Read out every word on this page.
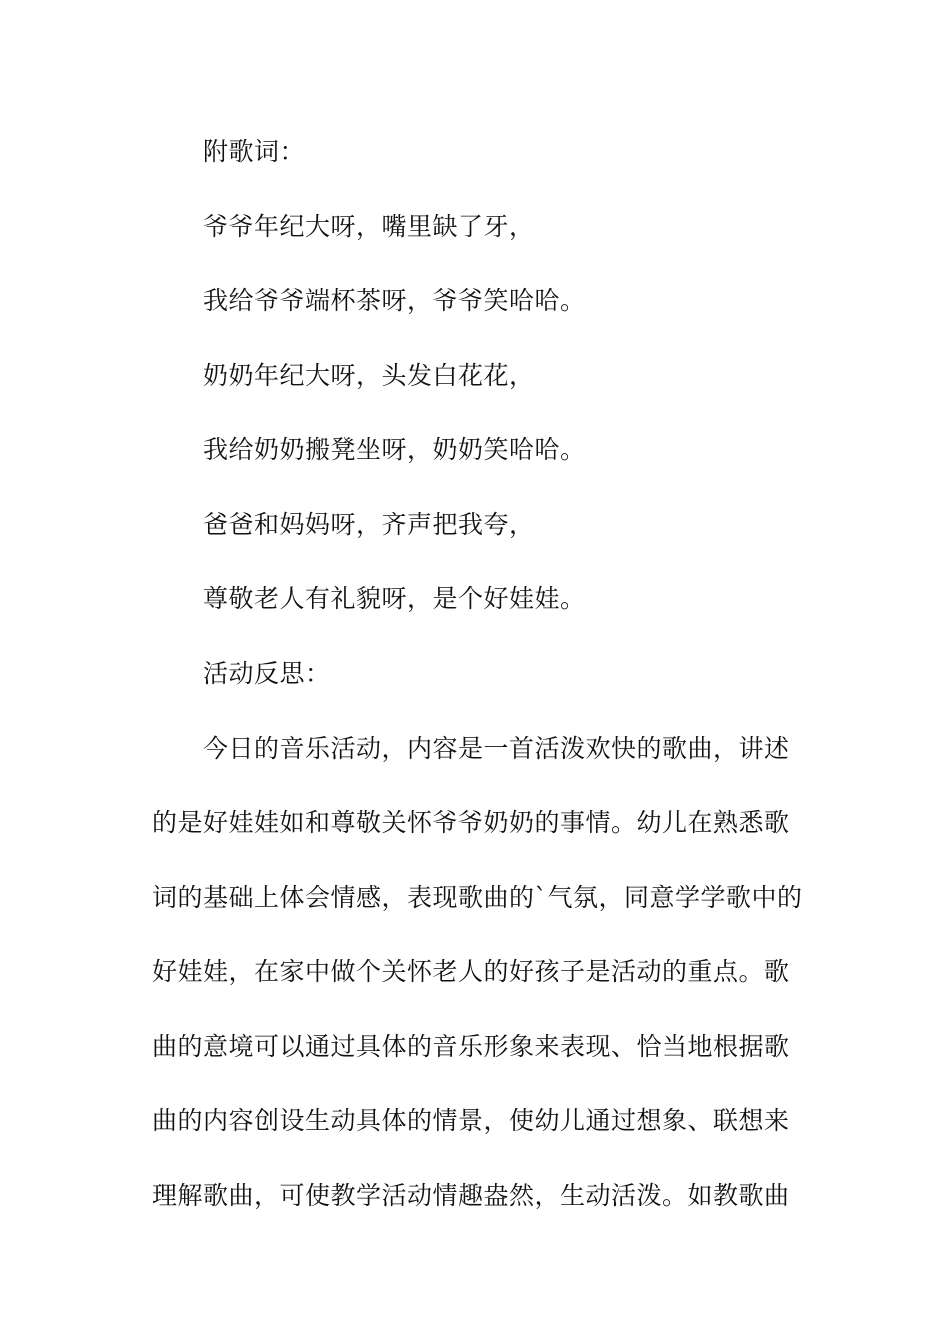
附歌词：
爷爷年纪大呀，嘴里缺了牙，
我给爷爷端杯茶呀，爷爷笑哈哈。
奶奶年纪大呀，头发白花花，
我给奶奶搬凳坐呀，奶奶笑哈哈。
爸爸和妈妈呀，齐声把我夸，
尊敬老人有礼貌呀，是个好娃娃。
活动反思：
今日的音乐活动，内容是一首活泼欢快的歌曲，讲述
的是好娃娃如和尊敬关怀爷爷奶奶的事情。幼儿在熟悉歌
词的基础上体会情感，表现歌曲的`气氛，同意学学歌中的
好娃娃，在家中做个关怀老人的好孩子是活动的重点。歌
曲的意境可以通过具体的音乐形象来表现、恰当地根据歌
曲的内容创设生动具体的情景，使幼儿通过想象、联想来
理解歌曲，可使教学活动情趣盎然，生动活泼。如教歌曲
